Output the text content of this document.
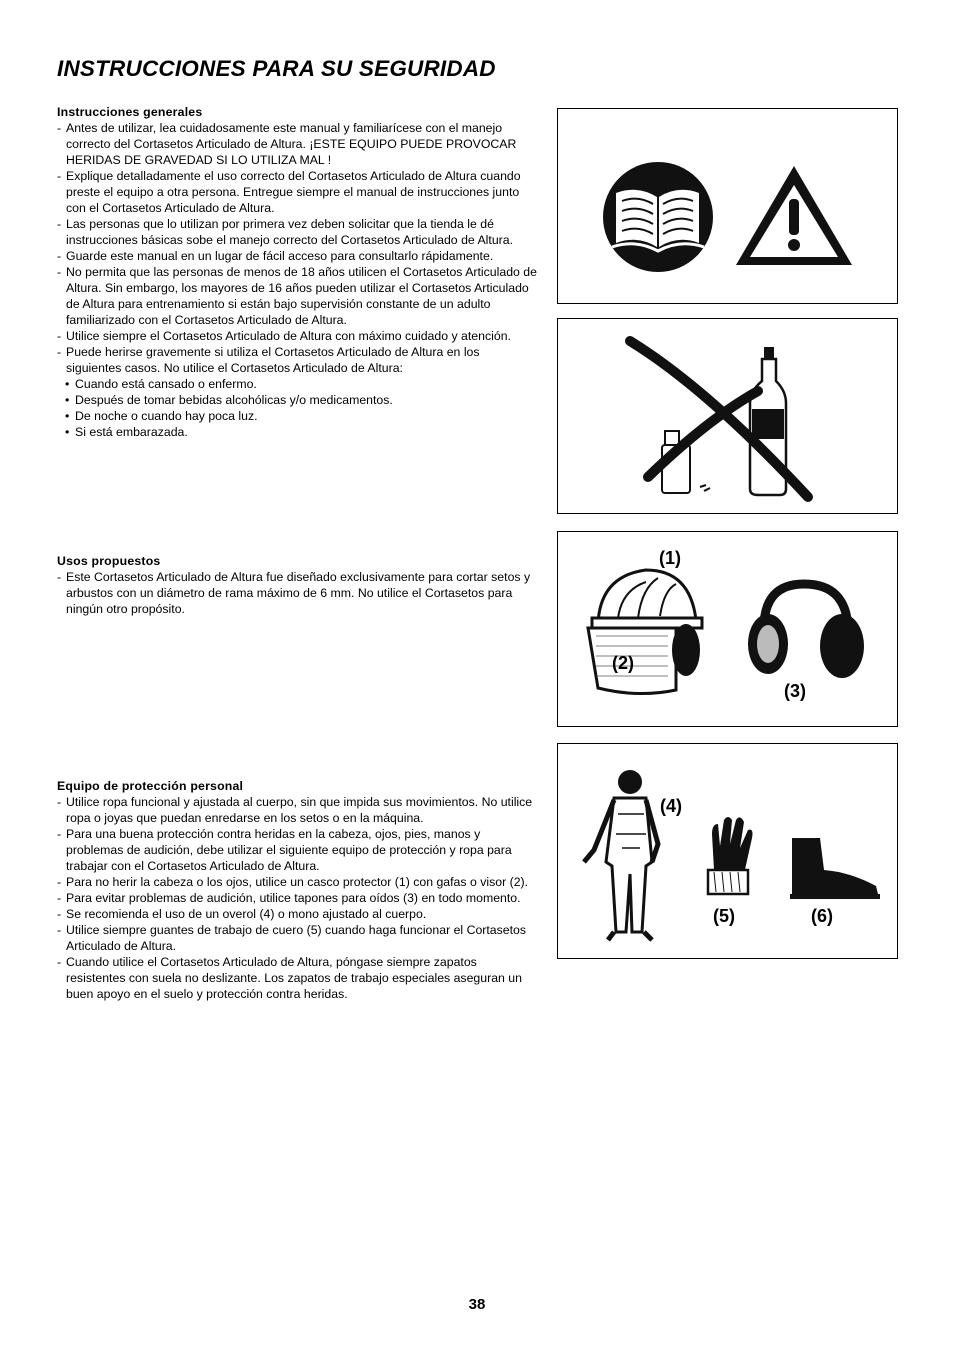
INSTRUCCIONES PARA SU SEGURIDAD
Instrucciones generales
- Antes de utilizar, lea cuidadosamente este manual y familiarícese con el manejo correcto del Cortasetos Articulado de Altura. ¡ESTE EQUIPO PUEDE PROVOCAR HERIDAS DE GRAVEDAD SI LO UTILIZA MAL !
- Explique detalladamente el uso correcto del Cortasetos Articulado de Altura cuando preste el equipo a otra persona. Entregue siempre el manual de instrucciones junto con el Cortasetos Articulado de Altura.
- Las personas que lo utilizan por primera vez deben solicitar que la tienda le dé instrucciones básicas sobe el manejo correcto del Cortasetos Articulado de Altura.
- Guarde este manual en un lugar de fácil acceso para consultarlo rápidamente.
- No permita que las personas de menos de 18 años utilicen el Cortasetos Articulado de Altura. Sin embargo, los mayores de 16 años pueden utilizar el Cortasetos Articulado de Altura para entrenamiento si están bajo supervisión constante de un adulto familiarizado con el Cortasetos Articulado de Altura.
- Utilice siempre el Cortasetos Articulado de Altura con máximo cuidado y atención.
- Puede herirse gravemente si utiliza el Cortasetos Articulado de Altura en los siguientes casos. No utilice el Cortasetos Articulado de Altura:
• Cuando está cansado o enfermo.
• Después de tomar bebidas alcohólicas y/o medicamentos.
• De noche o cuando hay poca luz.
• Si está embarazada.
Usos propuestos
- Este Cortasetos Articulado de Altura fue diseñado exclusivamente para cortar setos y arbustos con un diámetro de rama máximo de 6 mm. No utilice el Cortasetos para ningún otro propósito.
Equipo de protección personal
- Utilice ropa funcional y ajustada al cuerpo, sin que impida sus movimientos. No utilice ropa o joyas que puedan enredarse en los setos o en la máquina.
- Para una buena protección contra heridas en la cabeza, ojos, pies, manos y problemas de audición, debe utilizar el siguiente equipo de protección y ropa para trabajar con el Cortasetos Articulado de Altura.
- Para no herir la cabeza o los ojos, utilice un casco protector (1) con gafas o visor (2).
- Para evitar problemas de audición, utilice tapones para oídos (3) en todo momento.
- Se recomienda el uso de un overol (4) o mono ajustado al cuerpo.
- Utilice siempre guantes de trabajo de cuero (5) cuando haga funcionar el Cortasetos Articulado de Altura.
- Cuando utilice el Cortasetos Articulado de Altura, póngase siempre zapatos resistentes con suela no deslizante. Los zapatos de trabajo especiales aseguran un buen apoyo en el suelo y protección contra heridas.
(1)
(2)
(3)
(4)
(5)	(6)
38
